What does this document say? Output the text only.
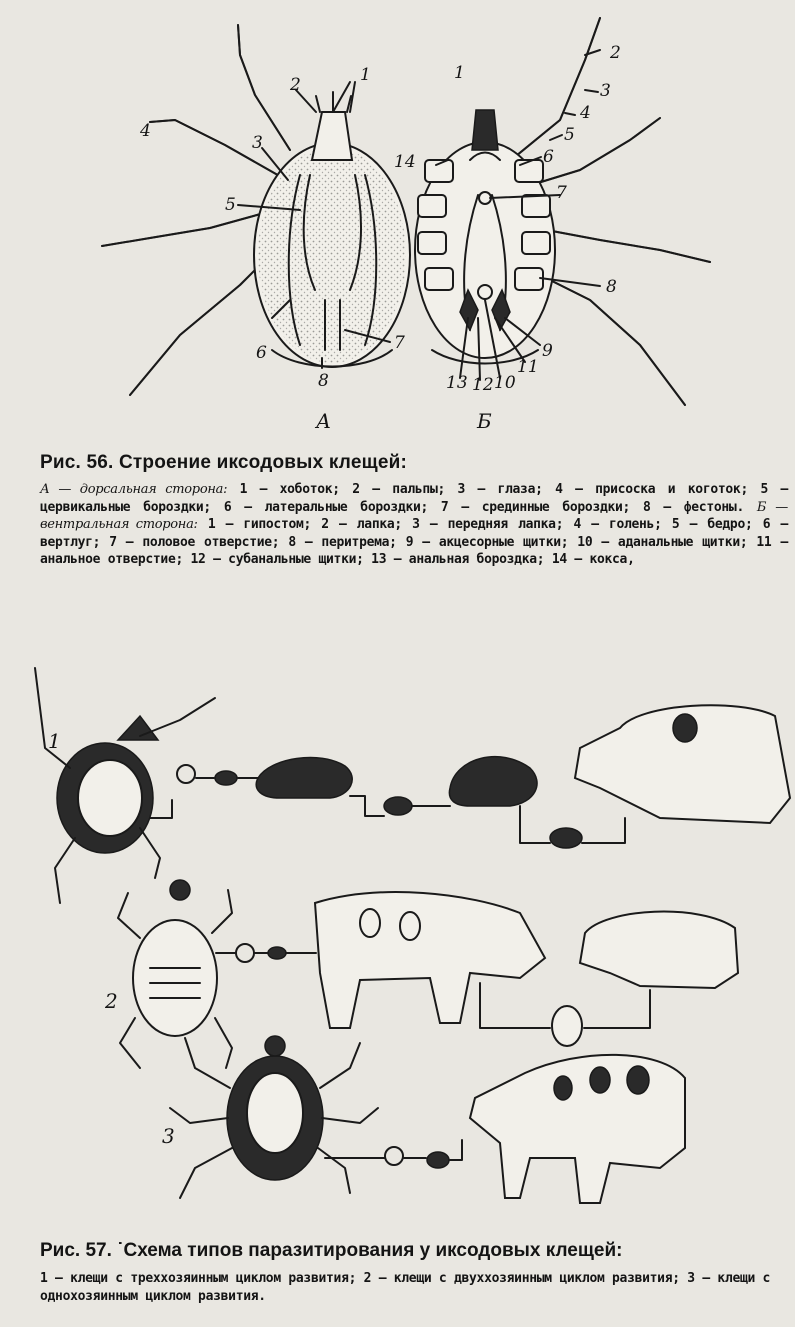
1
2
3
4
5
6	7
8
1
2
3
4
5
6
7
8
9
10
11
12
13
14
А	Б
Рис. 56. Строение иксодовых клещей:
А — дорсальная сторона: 1 — хоботок; 2 — пальпы; 3 — глаза; 4 — присоска и коготок; 5 — цервикальные бороздки; 6 — латеральные бороздки; 7 — срединные бороздки; 8 — фестоны. Б — вентральная сторона: 1 — гипостом; 2 — лапка; 3 — передняя лапка; 4 — голень; 5 — бедро; 6 — вертлуг; 7 — половое отверстие; 8 — перитрема; 9 — акцесорные щитки; 10 — аданальные щитки; 11 — анальное отверстие; 12 — субанальные щитки; 13 — анальная бороздка; 14 — кокса,
1
2
3
Рис. 57. ˙Схема типов паразитирования у иксодовых клещей:
1 — клещи с треххозяинным циклом развития; 2 — клещи с двуххозяинным циклом развития; 3 — клещи с однохозяинным циклом развития.
